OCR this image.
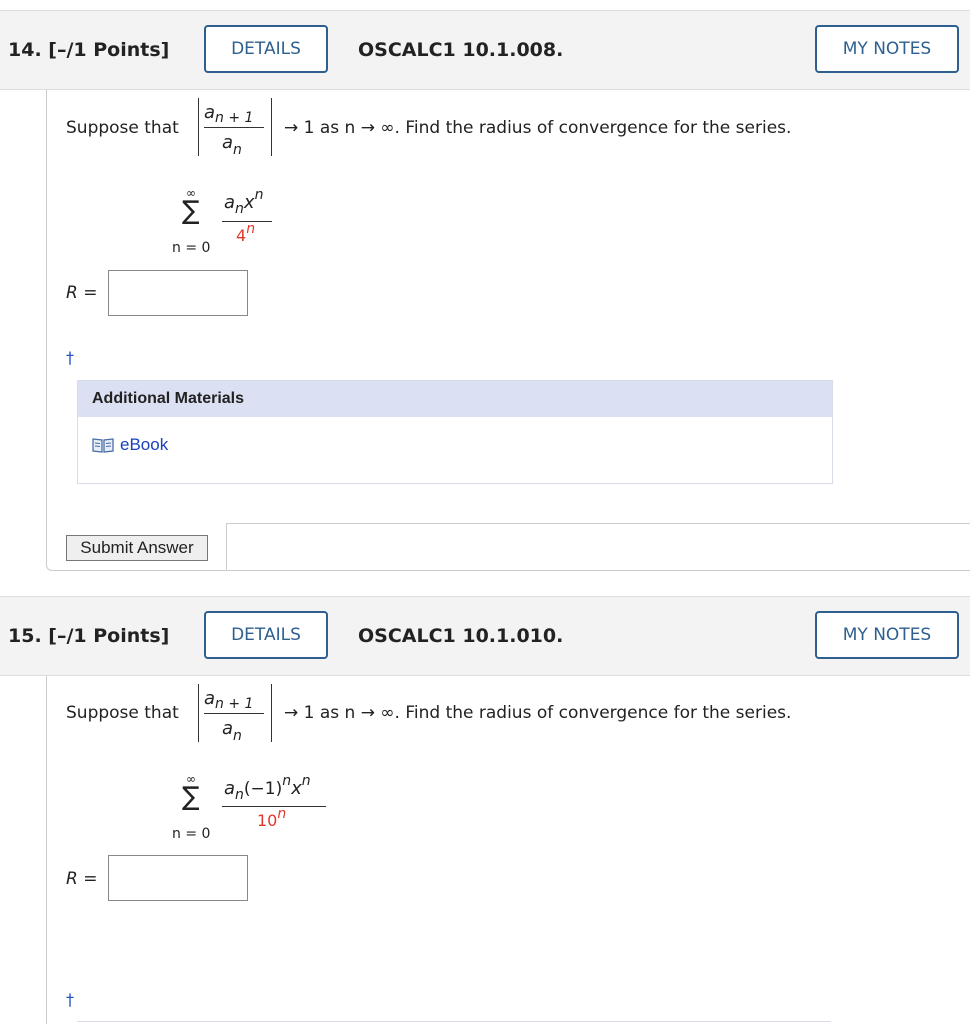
14. [–/1 Points]	DETAILS	OSCALC1 10.1.008.	MY NOTES
Suppose that
an + 1
an
→ 1 as n → ∞. Find the radius of convergence for the series.
∞
∑
n = 0
anxn
4n
R =
†
Additional Materials
eBook
Submit Answer
15. [–/1 Points]	DETAILS	OSCALC1 10.1.010.	MY NOTES
Suppose that
an + 1
an
→ 1 as n → ∞. Find the radius of convergence for the series.
∞
∑
n = 0
an(−1)nxn
10n
R =
†
